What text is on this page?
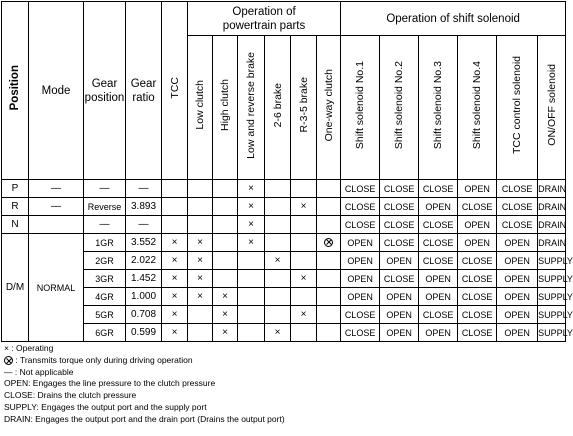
Position	Mode	Gear position	Gear ratio	TCC	Operation of powertrain parts						Operation of shift solenoid					
					Low clutch	High clutch	Low and reverse brake	2-6 brake	R-3-5 brake	One-way clutch	Shift solenoid No.1	Shift solenoid No.2	Shift solenoid No.3	Shift solenoid No.4	TCC control solenoid	ON/OFF solenoid
P	—	—	—				×				CLOSE	CLOSE	CLOSE	OPEN	CLOSE	DRAIN
R	—	Reverse	3.893				×		×		CLOSE	CLOSE	OPEN	CLOSE	CLOSE	DRAIN
N		—	—				×				CLOSE	CLOSE	CLOSE	OPEN	CLOSE	DRAIN
D/M	NORMAL	1GR	3.552	×	×		×				OPEN	CLOSE	CLOSE	OPEN	OPEN	DRAIN
		2GR	2.022	×	×			×			OPEN	OPEN	CLOSE	CLOSE	OPEN	SUPPLY
		3GR	1.452	×	×				×		OPEN	CLOSE	OPEN	CLOSE	OPEN	SUPPLY
		4GR	1.000	×	×	×					OPEN	OPEN	OPEN	CLOSE	OPEN	SUPPLY
		5GR	0.708	×		×			×		CLOSE	OPEN	CLOSE	CLOSE	OPEN	SUPPLY
		6GR	0.599	×		×		×			CLOSE	OPEN	OPEN	CLOSE	OPEN	SUPPLY
× : Operating
: Transmits torque only during driving operation
— : Not applicable
OPEN: Engages the line pressure to the clutch pressure
CLOSE: Drains the clutch pressure
SUPPLY: Engages the output port and the supply port
DRAIN: Engages the output port and the drain port (Drains the output port)
